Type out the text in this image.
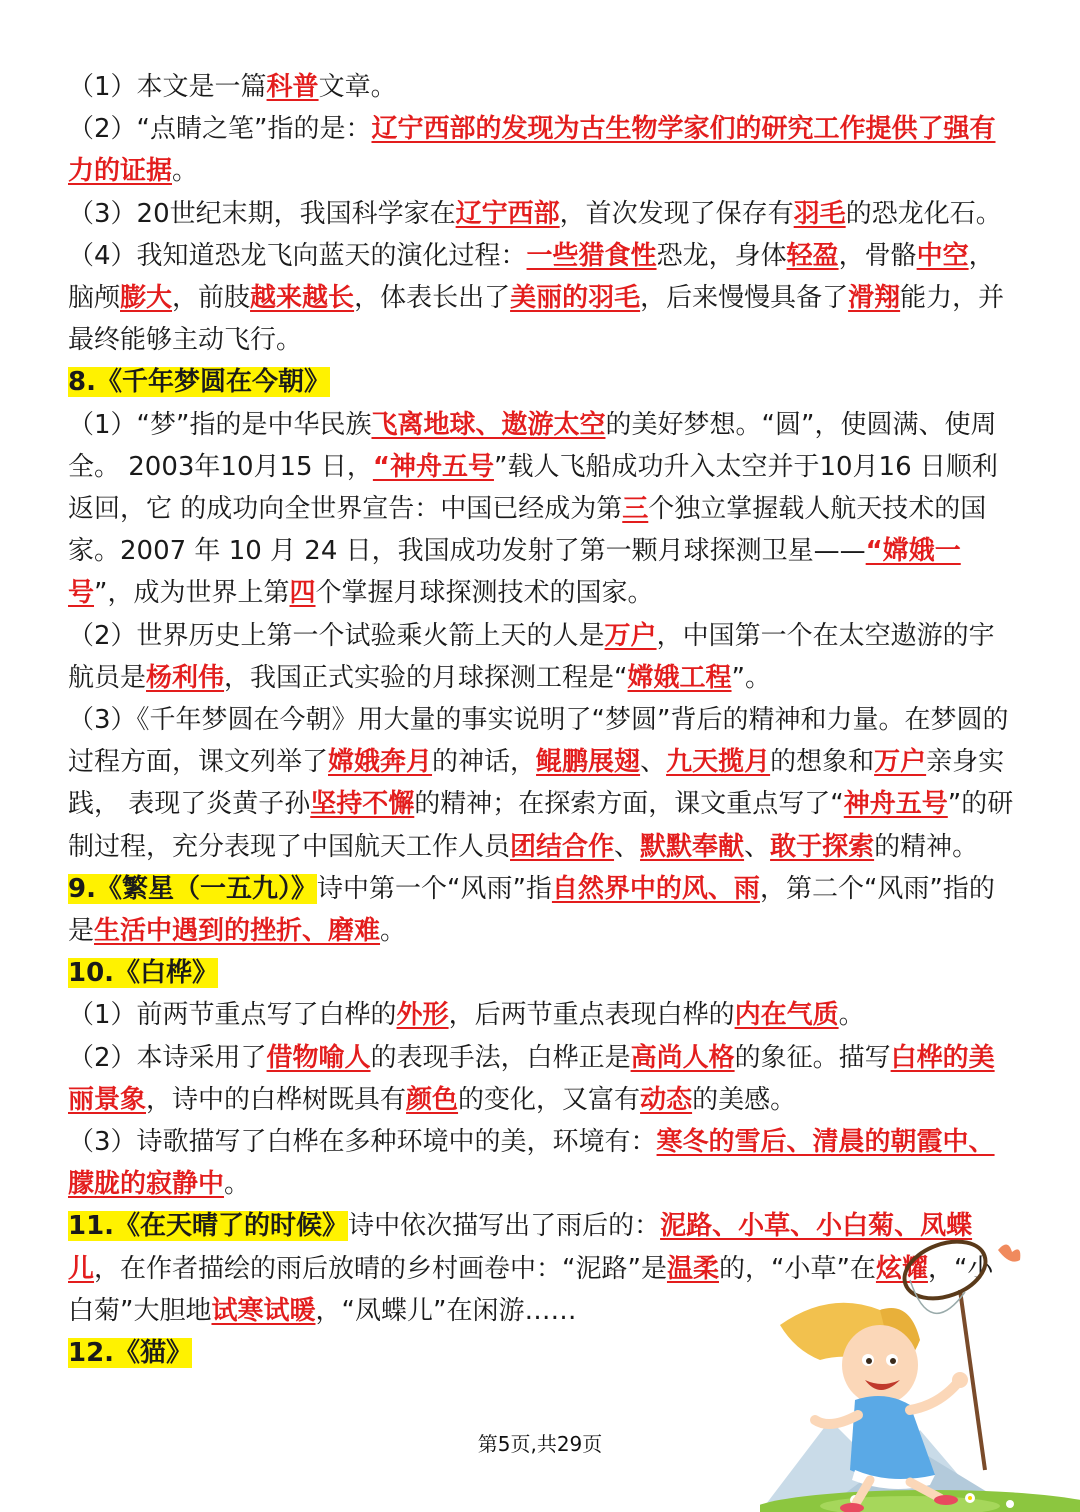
（1）本文是一篇科普文章。
（2）“点睛之笔”指的是：辽宁西部的发现为古生物学家们的研究工作提供了强有力的证据。
（3）20世纪末期，我国科学家在辽宁西部，首次发现了保存有羽毛的恐龙化石。
（4）我知道恐龙飞向蓝天的演化过程：一些猎食性恐龙，身体轻盈，骨骼中空，脑颅膨大，前肢越来越长，体表长出了美丽的羽毛，后来慢慢具备了滑翔能力，并最终能够主动飞行。
8.《千年梦圆在今朝》
（1）“梦”指的是中华民族飞离地球、遨游太空的美好梦想。“圆”，使圆满、使周全。 2003年10月15 日，“神舟五号”载人飞船成功升入太空并于10月16 日顺利返回，它 的成功向全世界宣告：中国已经成为第三个独立掌握载人航天技术的国家。2007 年 10 月 24 日，我国成功发射了第一颗月球探测卫星——“嫦娥一号”，成为世界上第四个掌握月球探测技术的国家。
（2）世界历史上第一个试验乘火箭上天的人是万户，中国第一个在太空遨游的宇航员是杨利伟，我国正式实验的月球探测工程是“嫦娥工程”。
（3）《千年梦圆在今朝》用大量的事实说明了“梦圆”背后的精神和力量。在梦圆的 过程方面，课文列举了嫦娥奔月的神话，鲲鹏展翅、九天揽月的想象和万户亲身实践， 表现了炎黄子孙坚持不懈的精神；在探索方面，课文重点写了“神舟五号”的研制过程，充分表现了中国航天工作人员团结合作、默默奉献、敢于探索的精神。
9.《繁星（一五九）》诗中第一个“风雨”指自然界中的风、雨，第二个“风雨”指的是生活中遇到的挫折、磨难。
10.《白桦》
（1）前两节重点写了白桦的外形，后两节重点表现白桦的内在气质。
（2）本诗采用了借物喻人的表现手法，白桦正是高尚人格的象征。描写白桦的美丽景象，诗中的白桦树既具有颜色的变化，又富有动态的美感。
（3）诗歌描写了白桦在多种环境中的美，环境有：寒冬的雪后、清晨的朝霞中、朦胧的寂静中。
11.《在天晴了的时候》诗中依次描写出了雨后的：泥路、小草、小白菊、凤蝶儿，在作者描绘的雨后放晴的乡村画卷中：“泥路”是温柔的，“小草”在炫耀，“小白菊”大胆地试寒试暖，“凤蝶儿”在闲游……
12.《猫》
第5页,共29页
